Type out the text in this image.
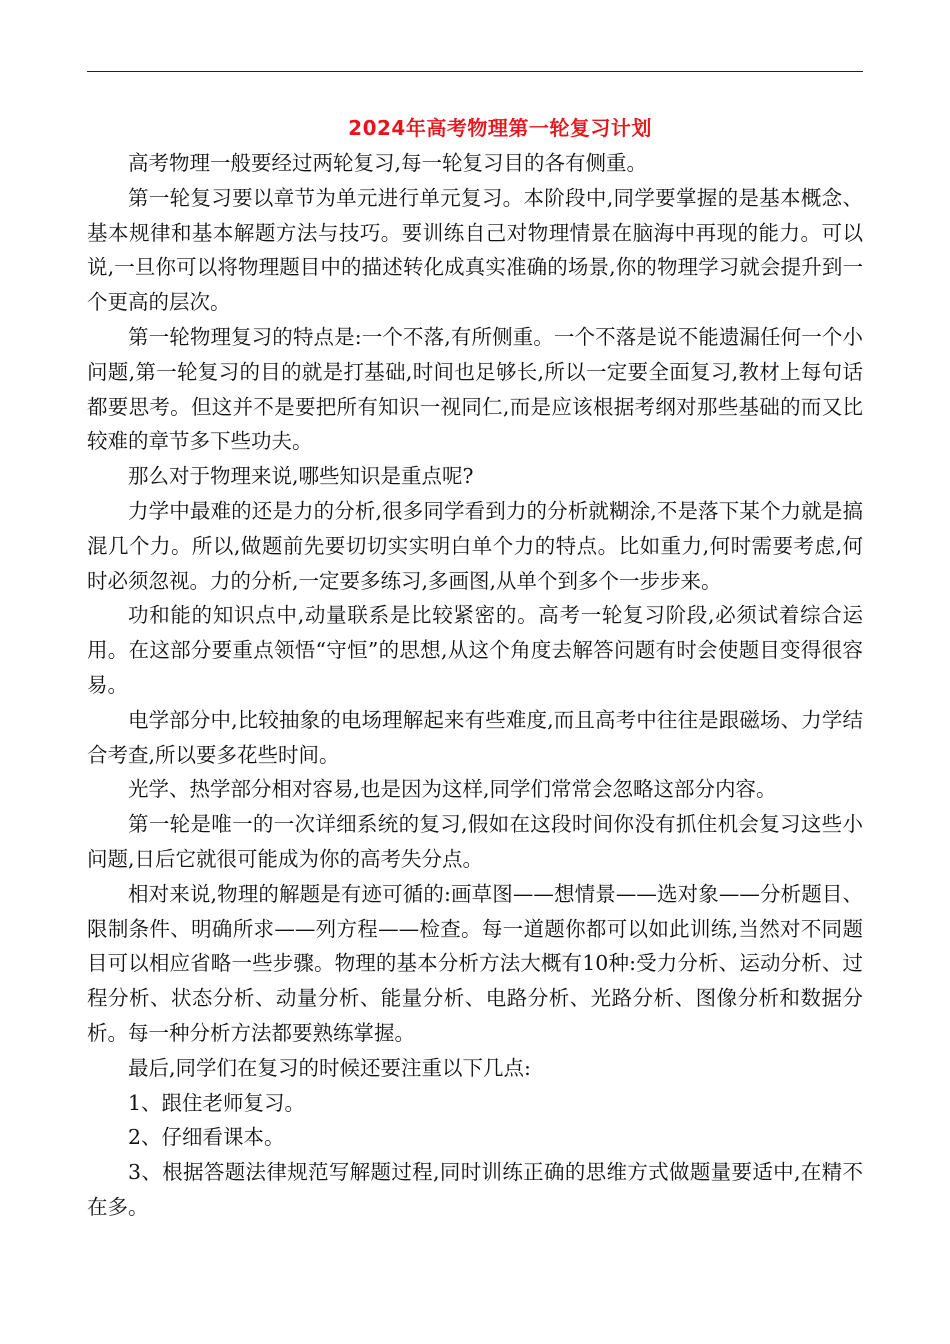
2024年高考物理第一轮复习计划

高考物理一般要经过两轮复习,每一轮复习目的各有侧重。

第一轮复习要以章节为单元进行单元复习。本阶段中,同学要掌握的是基本概念、基本规律和基本解题方法与技巧。要训练自己对物理情景在脑海中再现的能力。可以说,一旦你可以将物理题目中的描述转化成真实准确的场景,你的物理学习就会提升到一个更高的层次。

第一轮物理复习的特点是:一个不落,有所侧重。一个不落是说不能遗漏任何一个小问题,第一轮复习的目的就是打基础,时间也足够长,所以一定要全面复习,教材上每句话都要思考。但这并不是要把所有知识一视同仁,而是应该根据考纲对那些基础的而又比较难的章节多下些功夫。

那么对于物理来说,哪些知识是重点呢?

力学中最难的还是力的分析,很多同学看到力的分析就糊涂,不是落下某个力就是搞混几个力。所以,做题前先要切切实实明白单个力的特点。比如重力,何时需要考虑,何时必须忽视。力的分析,一定要多练习,多画图,从单个到多个一步步来。

功和能的知识点中,动量联系是比较紧密的。高考一轮复习阶段,必须试着综合运用。在这部分要重点领悟“守恒”的思想,从这个角度去解答问题有时会使题目变得很容易。

电学部分中,比较抽象的电场理解起来有些难度,而且高考中往往是跟磁场、力学结合考查,所以要多花些时间。

光学、热学部分相对容易,也是因为这样,同学们常常会忽略这部分内容。

第一轮是唯一的一次详细系统的复习,假如在这段时间你没有抓住机会复习这些小问题,日后它就很可能成为你的高考失分点。

相对来说,物理的解题是有迹可循的:画草图——想情景——选对象——分析题目、限制条件、明确所求——列方程——检查。每一道题你都可以如此训练,当然对不同题目可以相应省略一些步骤。物理的基本分析方法大概有10种:受力分析、运动分析、过程分析、状态分析、动量分析、能量分析、电路分析、光路分析、图像分析和数据分析。每一种分析方法都要熟练掌握。

最后,同学们在复习的时候还要注重以下几点:

1、跟住老师复习。

2、仔细看课本。

3、根据答题法律规范写解题过程,同时训练正确的思维方式做题量要适中,在精不在多。
